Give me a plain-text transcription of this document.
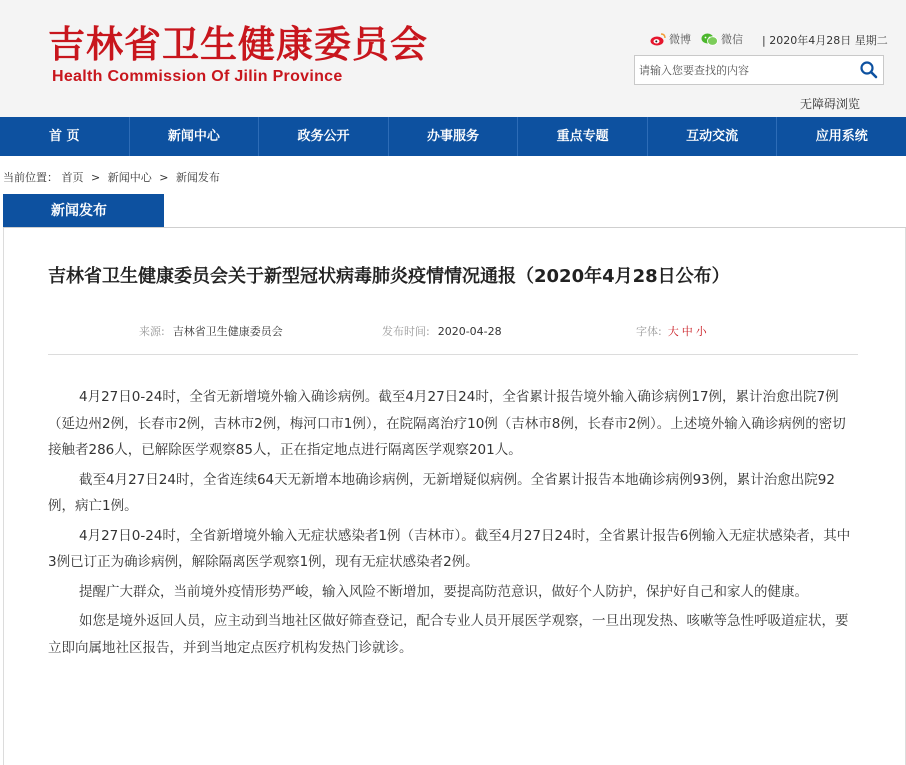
吉林省卫生健康委员会
Health Commission Of Jilin Province
微博	微信 | 2020年4月28日 星期二
请输入您要查找的内容
无障碍浏览
首 页	新闻中心	政务公开	办事服务	重点专题	互动交流	应用系统
当前位置： 首页 > 新闻中心 > 新闻发布
新闻发布
吉林省卫生健康委员会关于新型冠状病毒肺炎疫情情况通报（2020年4月28日公布）
来源: 吉林省卫生健康委员会	发布时间: 2020-04-28	字体: 大 中 小

4月27日0-24时，全省无新增境外输入确诊病例。截至4月27日24时，全省累计报告境外输入确诊病例17例，累计治愈出院7例（延边州2例，长春市2例，吉林市2例，梅河口市1例），在院隔离治疗10例（吉林市8例，长春市2例）。上述境外输入确诊病例的密切接触者286人，已解除医学观察85人，正在指定地点进行隔离医学观察201人。

截至4月27日24时，全省连续64天无新增本地确诊病例，无新增疑似病例。全省累计报告本地确诊病例93例，累计治愈出院92例，病亡1例。

4月27日0-24时，全省新增境外输入无症状感染者1例（吉林市）。截至4月27日24时，全省累计报告6例输入无症状感染者，其中3例已订正为确诊病例，解除隔离医学观察1例，现有无症状感染者2例。

提醒广大群众，当前境外疫情形势严峻，输入风险不断增加，要提高防范意识，做好个人防护，保护好自己和家人的健康。

如您是境外返回人员，应主动到当地社区做好筛查登记，配合专业人员开展医学观察，一旦出现发热、咳嗽等急性呼吸道症状，要立即向属地社区报告，并到当地定点医疗机构发热门诊就诊。
